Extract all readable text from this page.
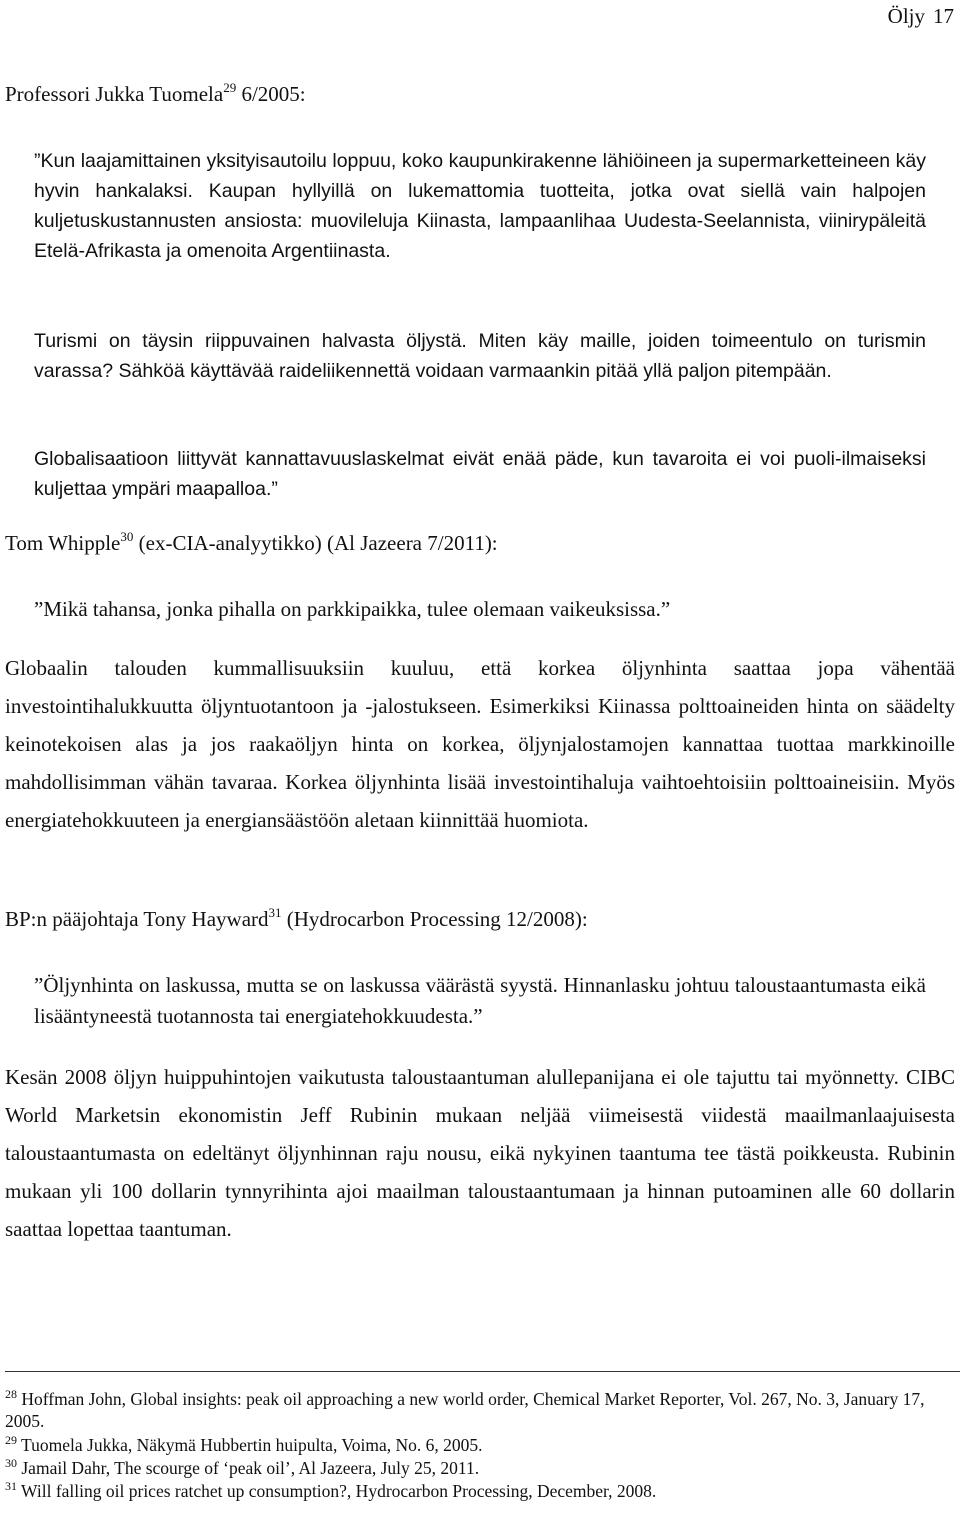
Öljy 17

Professori Jukka Tuomela$^{29}$ 6/2005:

”Kun laajamittainen yksityisautoilu loppuu, koko kaupunkirakenne lähiöineen ja supermarketteineen käy hyvin hankalaksi. Kaupan hyllyillä on lukemattomia tuotteita, jotka ovat siellä vain halpojen kuljetuskustannusten ansiosta: muovileluja Kiinasta, lampaanlihaa Uudesta-Seelannista, viinirypäleitä Etelä-Afrikasta ja omenoita Argentiinasta.

Turismi on täysin riippuvainen halvasta öljystä. Miten käy maille, joiden toimeentulo on turismin varassa? Sähköä käyttävää raideliikennettä voidaan varmaankin pitää yllä paljon pitempään.

Globalisaatioon liittyvät kannattavuuslaskelmat eivät enää päde, kun tavaroita ei voi puoli-ilmaiseksi kuljettaa ympäri maapalloa.”

Tom Whipple$^{30}$ (ex-CIA-analyytikko) (Al Jazeera 7/2011):

”Mikä tahansa, jonka pihalla on parkkipaikka, tulee olemaan vaikeuksissa.”

Globaalin talouden kummallisuuksiin kuuluu, että korkea öljynhinta saattaa jopa vähentää investointihalukkuutta öljyntuotantoon ja -jalostukseen. Esimerkiksi Kiinassa polttoaineiden hinta on säädelty keinotekoisen alas ja jos raakaöljyn hinta on korkea, öljynjalostamojen kannattaa tuottaa markkinoille mahdollisimman vähän tavaraa. Korkea öljynhinta lisää investointihaluja vaihtoehtoisiin polttoaineisiin. Myös energiatehokkuuteen ja energiansäästöön aletaan kiinnittää huomiota.

BP:n pääjohtaja Tony Hayward$^{31}$ (Hydrocarbon Processing 12/2008):

”Öljynhinta on laskussa, mutta se on laskussa väärästä syystä. Hinnanlasku johtuu taloustaantumasta eikä lisääntyneestä tuotannosta tai energiatehokkuudesta.”

Kesän 2008 öljyn huippuhintojen vaikutusta taloustaantuman alullepanijana ei ole tajuttu tai myönnetty. CIBC World Marketsin ekonomistin Jeff Rubinin mukaan neljää viimeisestä viidestä maailmanlaajuisesta taloustaantumasta on edeltänyt öljynhinnan raju nousu, eikä nykyinen taantuma tee tästä poikkeusta. Rubinin mukaan yli 100 dollarin tynnyrihinta ajoi maailman taloustaantumaan ja hinnan putoaminen alle 60 dollarin saattaa lopettaa taantuman.

$^{28}$ Hoffman John, Global insights: peak oil approaching a new world order, Chemical Market Reporter, Vol. 267, No. 3, January 17, 2005.

$^{29}$ Tuomela Jukka, Näkymä Hubbertin huipulta, Voima, No. 6, 2005.

$^{30}$ Jamail Dahr, The scourge of ‘peak oil’, Al Jazeera, July 25, 2011.

$^{31}$ Will falling oil prices ratchet up consumption?, Hydrocarbon Processing, December, 2008.
